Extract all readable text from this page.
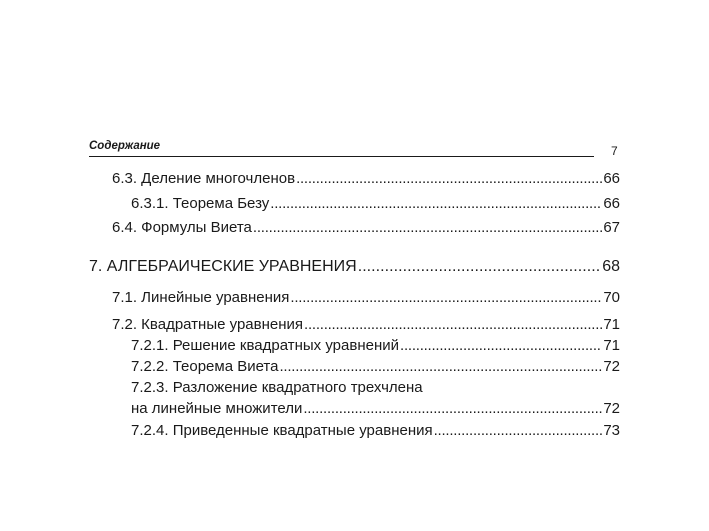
Содержание	7
6.3. Деление многочленов . . .	66
6.3.1. Теорема Безу . . .	66
6.4. Формулы Виета . . .	67
7. АЛГЕБРАИЧЕСКИЕ УРАВНЕНИЯ . . .	68
7.1. Линейные уравнения . . .	70
7.2. Квадратные уравнения . . .	71
7.2.1. Решение квадратных уравнений . . .	71
7.2.2. Теорема Виета . . .	72
7.2.3. Разложение квадратного трехчлена
на линейные множители . . .	72
7.2.4. Приведенные квадратные уравнения . . .	73
